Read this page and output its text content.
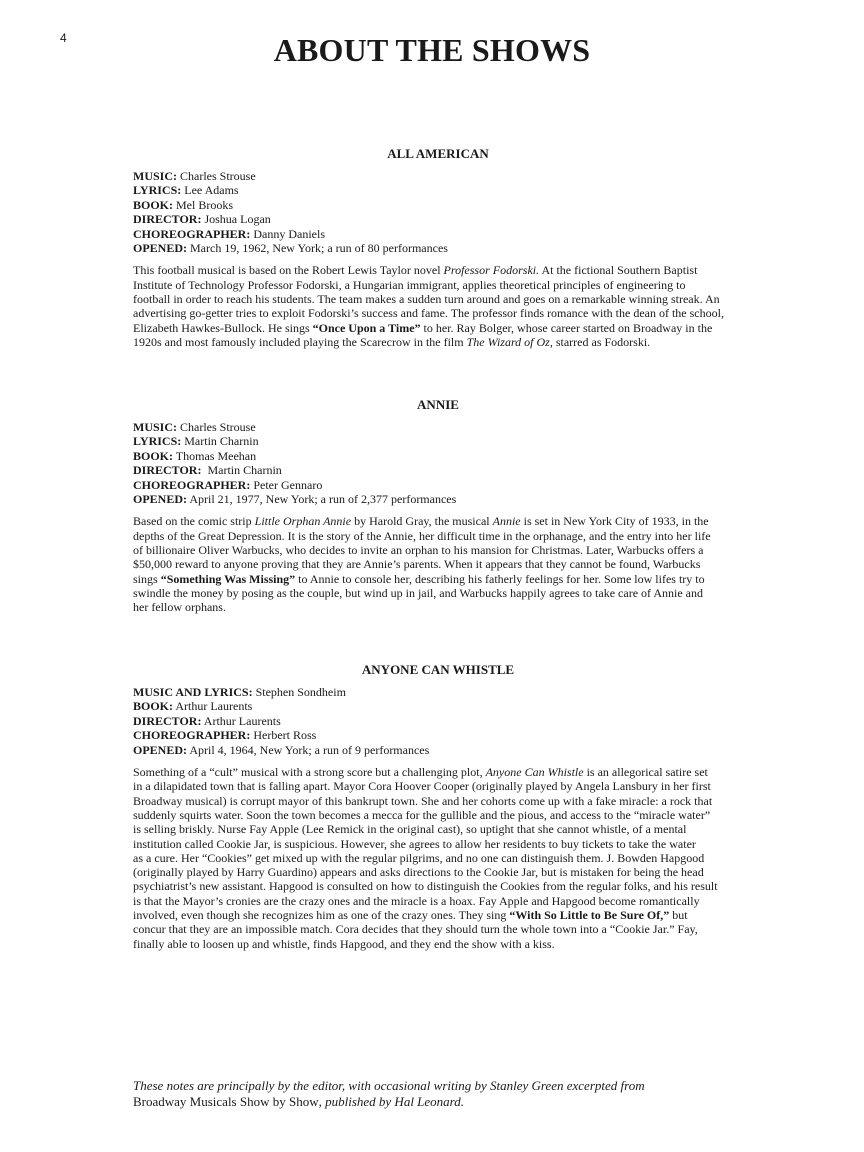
4	ABOUT THE SHOWS
ALL AMERICAN
MUSIC: Charles Strouse
LYRICS: Lee Adams
BOOK: Mel Brooks
DIRECTOR: Joshua Logan
CHOREOGRAPHER: Danny Daniels
OPENED: March 19, 1962, New York; a run of 80 performances
This football musical is based on the Robert Lewis Taylor novel Professor Fodorski. At the fictional Southern Baptist
Institute of Technology Professor Fodorski, a Hungarian immigrant, applies theoretical principles of engineering to
football in order to reach his students. The team makes a sudden turn around and goes on a remarkable winning streak. An
advertising go-getter tries to exploit Fodorski’s success and fame. The professor finds romance with the dean of the school,
Elizabeth Hawkes-Bullock. He sings “Once Upon a Time” to her. Ray Bolger, whose career started on Broadway in the
1920s and most famously included playing the Scarecrow in the film The Wizard of Oz, starred as Fodorski.
ANNIE
MUSIC: Charles Strouse
LYRICS: Martin Charnin
BOOK: Thomas Meehan
DIRECTOR:  Martin Charnin
CHOREOGRAPHER: Peter Gennaro
OPENED: April 21, 1977, New York; a run of 2,377 performances
Based on the comic strip Little Orphan Annie by Harold Gray, the musical Annie is set in New York City of 1933, in the
depths of the Great Depression. It is the story of the Annie, her difficult time in the orphanage, and the entry into her life
of billionaire Oliver Warbucks, who decides to invite an orphan to his mansion for Christmas. Later, Warbucks offers a
$50,000 reward to anyone proving that they are Annie’s parents. When it appears that they cannot be found, Warbucks
sings “Something Was Missing” to Annie to console her, describing his fatherly feelings for her. Some low lifes try to
swindle the money by posing as the couple, but wind up in jail, and Warbucks happily agrees to take care of Annie and
her fellow orphans.
ANYONE CAN WHISTLE
MUSIC AND LYRICS: Stephen Sondheim
BOOK: Arthur Laurents
DIRECTOR: Arthur Laurents
CHOREOGRAPHER: Herbert Ross
OPENED: April 4, 1964, New York; a run of 9 performances
Something of a “cult” musical with a strong score but a challenging plot, Anyone Can Whistle is an allegorical satire set
in a dilapidated town that is falling apart. Mayor Cora Hoover Cooper (originally played by Angela Lansbury in her first
Broadway musical) is corrupt mayor of this bankrupt town. She and her cohorts come up with a fake miracle: a rock that
suddenly squirts water. Soon the town becomes a mecca for the gullible and the pious, and access to the “miracle water”
is selling briskly. Nurse Fay Apple (Lee Remick in the original cast), so uptight that she cannot whistle, of a mental
institution called Cookie Jar, is suspicious. However, she agrees to allow her residents to buy tickets to take the water
as a cure. Her “Cookies” get mixed up with the regular pilgrims, and no one can distinguish them. J. Bowden Hapgood
(originally played by Harry Guardino) appears and asks directions to the Cookie Jar, but is mistaken for being the head
psychiatrist’s new assistant. Hapgood is consulted on how to distinguish the Cookies from the regular folks, and his result
is that the Mayor’s cronies are the crazy ones and the miracle is a hoax. Fay Apple and Hapgood become romantically
involved, even though she recognizes him as one of the crazy ones. They sing “With So Little to Be Sure Of,” but
concur that they are an impossible match. Cora decides that they should turn the whole town into a “Cookie Jar.” Fay,
finally able to loosen up and whistle, finds Hapgood, and they end the show with a kiss.
These notes are principally by the editor, with occasional writing by Stanley Green excerpted from
Broadway Musicals Show by Show, published by Hal Leonard.
